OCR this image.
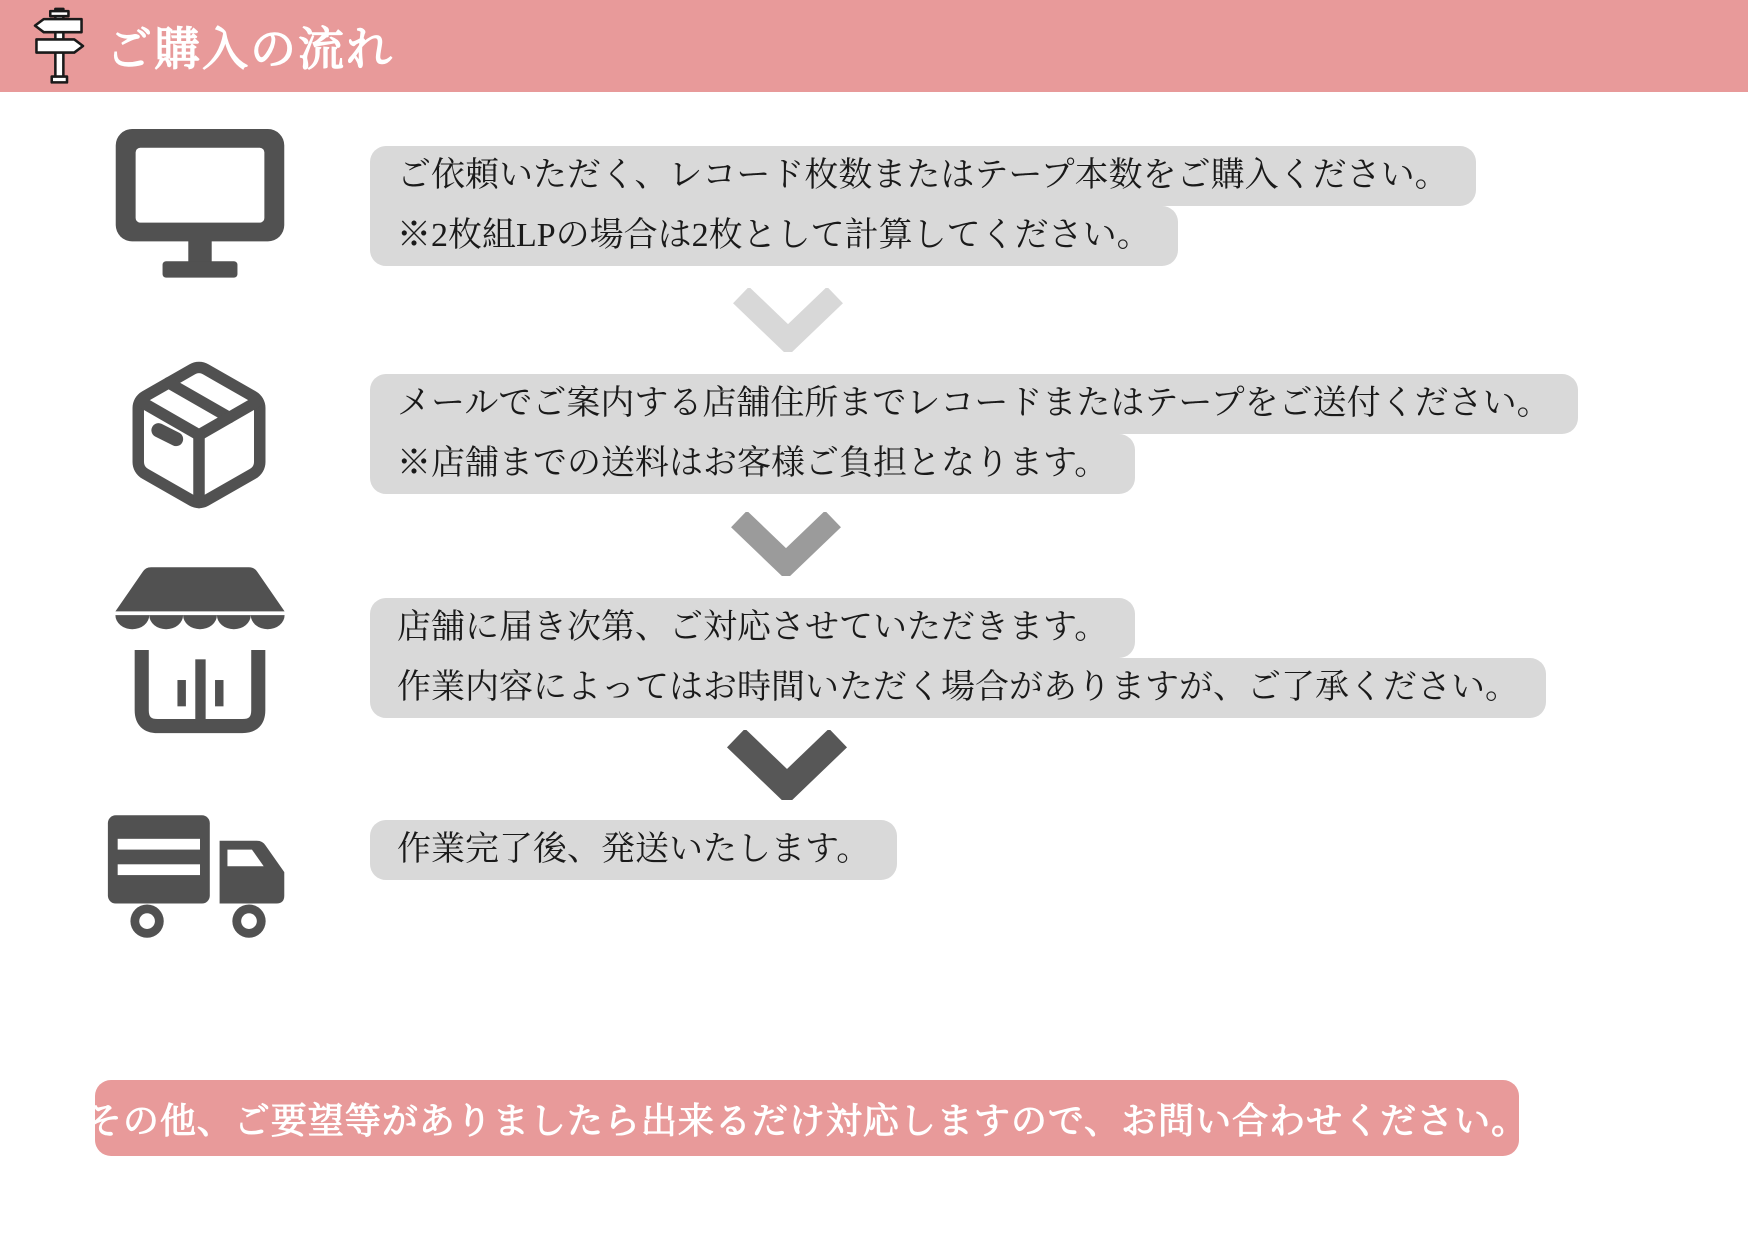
ご購入の流れ
ご依頼いただく、レコード枚数またはテープ本数をご購入ください。
※2枚組LPの場合は2枚として計算してください。
メールでご案内する店舗住所までレコードまたはテープをご送付ください。
※店舗までの送料はお客様ご負担となります。
店舗に届き次第、ご対応させていただきます。
作業内容によってはお時間いただく場合がありますが、ご了承ください。
作業完了後、発送いたします。
その他、ご要望等がありましたら出来るだけ対応しますので、お問い合わせください。
